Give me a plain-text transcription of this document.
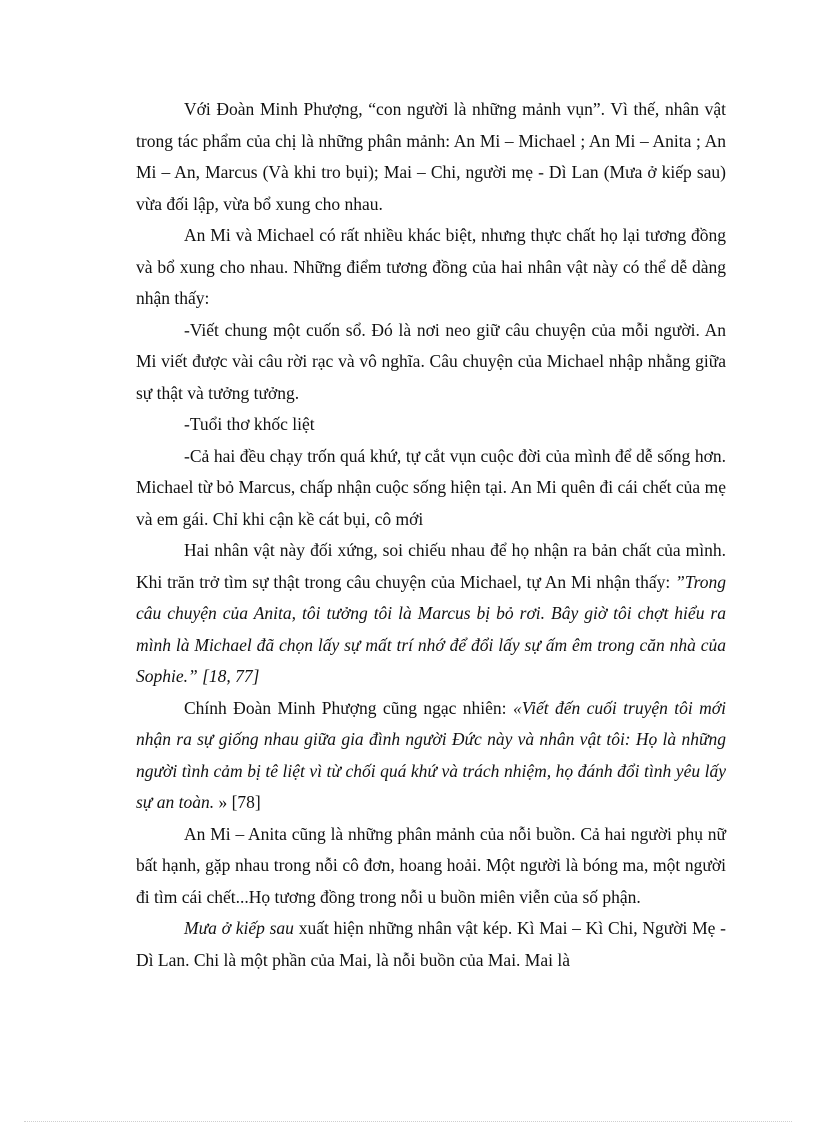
Với Đoàn Minh Phượng, “con người là những mảnh vụn”. Vì thế, nhân vật trong tác phẩm của chị là những phân mảnh: An Mi – Michael ; An Mi – Anita ; An Mi – An, Marcus (Và khi tro bụi); Mai – Chi, người mẹ - Dì Lan (Mưa ở kiếp sau) vừa đối lập, vừa bổ xung cho nhau.

An Mi và Michael có rất nhiều khác biệt, nhưng thực chất họ lại tương đồng và bổ xung cho nhau. Những điểm tương đồng của hai nhân vật này có thể dễ dàng nhận thấy:

-Viết chung một cuốn sổ. Đó là nơi neo giữ câu chuyện của mỗi người. An Mi viết được vài câu rời rạc và vô nghĩa. Câu chuyện của Michael nhập nhằng giữa sự thật và tưởng tưởng.

-Tuổi thơ khốc liệt

-Cả hai đều chạy trốn quá khứ, tự cắt vụn cuộc đời của mình để dễ sống hơn. Michael từ bỏ Marcus, chấp nhận cuộc sống hiện tại. An Mi quên đi cái chết của mẹ và em gái. Chỉ khi cận kề cát bụi, cô mới

Hai nhân vật này đối xứng, soi chiếu nhau để họ nhận ra bản chất của mình. Khi trăn trở tìm sự thật trong câu chuyện của Michael, tự An Mi nhận thấy: ”Trong câu chuyện của Anita, tôi tưởng tôi là Marcus bị bỏ rơi. Bây giờ tôi chợt hiểu ra mình là Michael đã chọn lấy sự mất trí nhớ để đổi lấy sự ấm êm trong căn nhà của Sophie.” [18, 77]

Chính Đoàn Minh Phượng cũng ngạc nhiên: «Viết đến cuối truyện tôi mới nhận ra sự giống nhau giữa gia đình người Đức này và nhân vật tôi: Họ là những người tình cảm bị tê liệt vì từ chối quá khứ và trách nhiệm, họ đánh đổi tình yêu lấy sự an toàn. » [78]

An Mi – Anita cũng là những phân mảnh của nỗi buồn. Cả hai người phụ nữ bất hạnh, gặp nhau trong nỗi cô đơn, hoang hoải. Một người là bóng ma, một người đi tìm cái chết...Họ tương đồng trong nỗi u buồn miên viễn của số phận.

Mưa ở kiếp sau xuất hiện những nhân vật kép. Kì Mai – Kì Chi, Người Mẹ - Dì Lan. Chi là một phần của Mai, là nỗi buồn của Mai. Mai là
